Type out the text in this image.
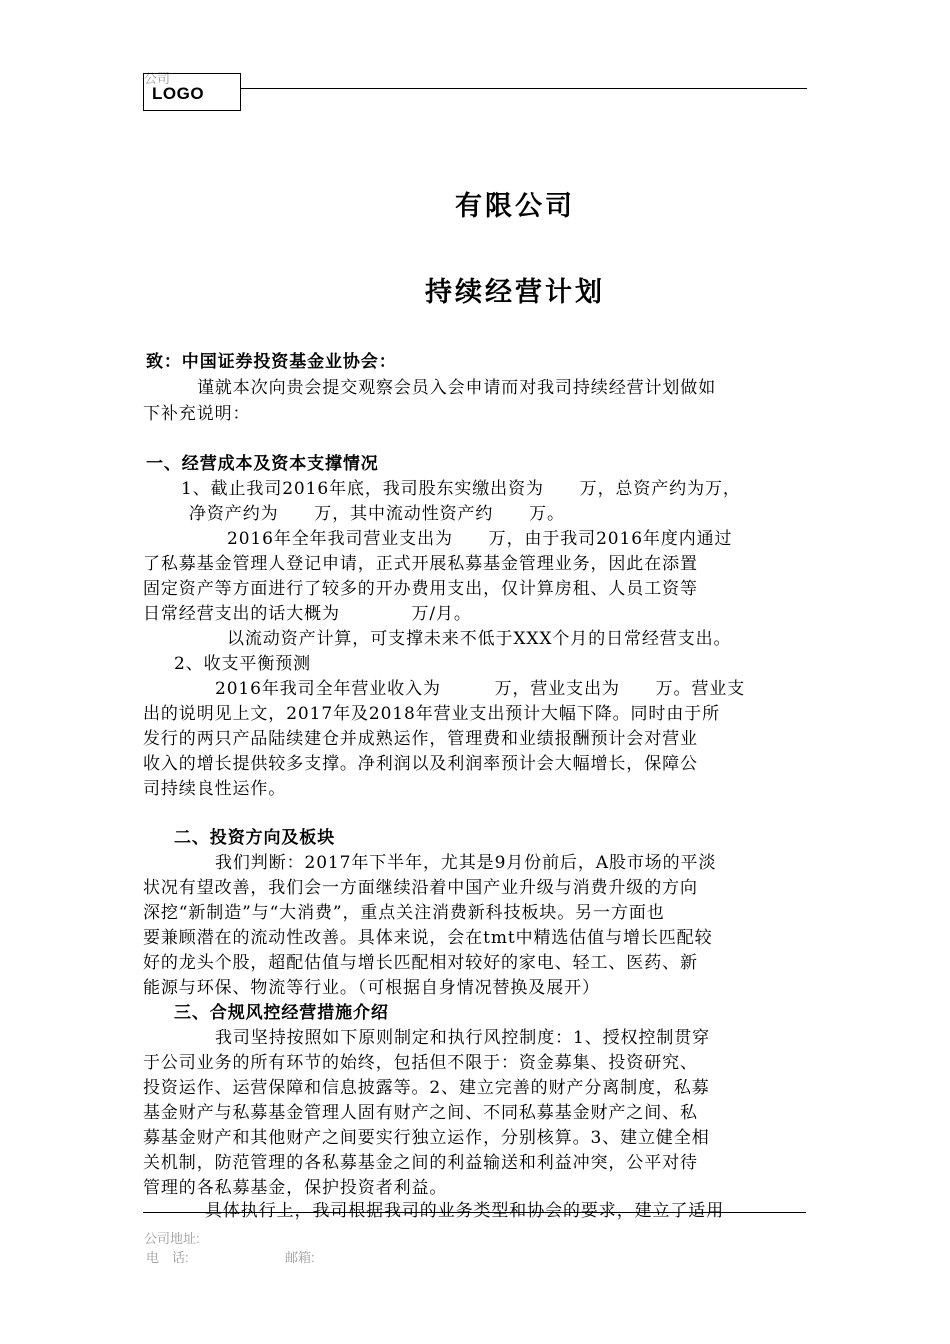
公司
LOGO
有限公司
持续经营计划
致：中国证券投资基金业协会：
谨就本次向贵会提交观察会员入会申请而对我司持续经营计划做如
下补充说明：
一、经营成本及资本支撑情况
1、截止我司2016年底，我司股东实缴出资为　　万，总资产约为万，
净资产约为　　万，其中流动性资产约　　万。
2016年全年我司营业支出为　　万，由于我司2016年度内通过
了私募基金管理人登记申请，正式开展私募基金管理业务，因此在添置
固定资产等方面进行了较多的开办费用支出，仅计算房租、人员工资等
日常经营支出的话大概为　　　　万/月。
以流动资产计算，可支撑未来不低于XXX个月的日常经营支出。
2、收支平衡预测
2016年我司全年营业收入为　　　万，营业支出为　　万。营业支
出的说明见上文，2017年及2018年营业支出预计大幅下降。同时由于所
发行的两只产品陆续建仓并成熟运作，管理费和业绩报酬预计会对营业
收入的增长提供较多支撑。净利润以及利润率预计会大幅增长，保障公
司持续良性运作。
二、投资方向及板块
我们判断：2017年下半年，尤其是9月份前后，A股市场的平淡
状况有望改善，我们会一方面继续沿着中国产业升级与消费升级的方向
深挖“新制造”与“大消费”，重点关注消费新科技板块。另一方面也
要兼顾潜在的流动性改善。具体来说，会在tmt中精选估值与增长匹配较
好的龙头个股，超配估值与增长匹配相对较好的家电、轻工、医药、新
能源与环保、物流等行业。（可根据自身情况替换及展开）
三、合规风控经营措施介绍
我司坚持按照如下原则制定和执行风控制度：1、授权控制贯穿
于公司业务的所有环节的始终，包括但不限于：资金募集、投资研究、
投资运作、运营保障和信息披露等。2、建立完善的财产分离制度，私募
基金财产与私募基金管理人固有财产之间、不同私募基金财产之间、私
募基金财产和其他财产之间要实行独立运作，分别核算。3、建立健全相
关机制，防范管理的各私募基金之间的利益输送和利益冲突，公平对待
管理的各私募基金，保护投资者利益。
具体执行上，我司根据我司的业务类型和协会的要求，建立了适用
公司地址:
电　话:	邮箱:
